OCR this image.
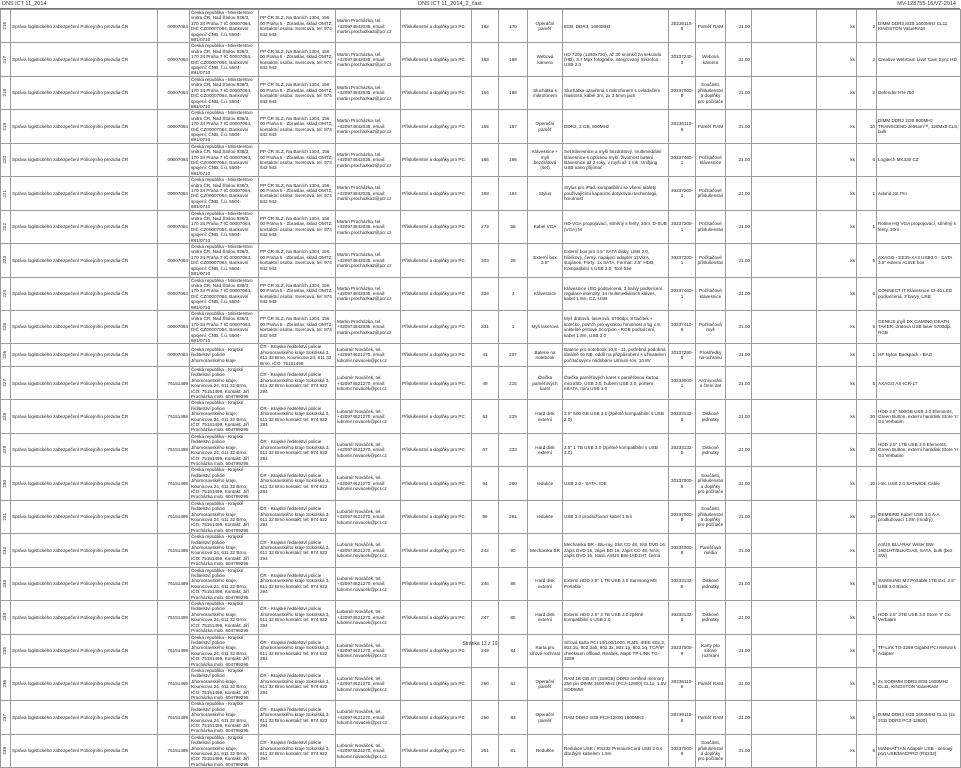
DNS ICT 11_2014	DNS ICT 11_2014_2_část	MV-128755-16/VZ-2014
216	Správa logistického zabezpečení Policejního prezidia ČR	00007064	Česká republika - Ministerstvo vnitra ČR, Nad Štolou 936/3, 170 34 Praha 7 IČ 00007064, DIČ CZ00007064, Bankovní spojení: ČNB, č.ú. 5504-881/0710	PP ČR SLZ, Na Baních 1304, 156 00 Praha 5 - Zbraslav, sklad OMTZ, kontaktní osoba: Svercová, tel: 974 842 943	Martin Procházka, tel. +420974842035, email: martin.prochazka2@pcr.cz	Příslušenství a doplňky pro PC	162	170	Operační paměť	8GB, DDR3, 1600MHz	30236110-6	Paměť RAM	21.00		ks	2	DIMM DDR3 8GB 1600MHz CL11 KINGSTON ValueRAM

217	Správa logistického zabezpečení Policejního prezidia ČR	00007064	Česká republika - Ministerstvo vnitra ČR, Nad Štolou 936/3, 170 34 Praha 7 IČ 00007064, DIČ CZ00007064, Bankovní spojení: ČNB, č.ú. 5504-881/0710	PP ČR SLZ, Na Baních 1304, 156 00 Praha 5 - Zbraslav, sklad OMTZ, kontaktní osoba: Svercová, tel: 974 842 943	Martin Procházka, tel. +420974842035, email: martin.prochazka2@pcr.cz	Příslušenství a doplňky pro PC	163	169	Webová kamera	HD 720p (1280x720), až 30 snímků za sekundu (HD), 3.7 Mpx fotografie, integrovaný mikrofon, USB 2.0	30237240-3	Webová kamera	21.00		ks	2	Creative WebCam Live! Cam Sync HD

218	Správa logistického zabezpečení Policejního prezidia ČR	00007064	Česká republika - Ministerstvo vnitra ČR, Nad Štolou 936/3, 170 34 Praha 7 IČ 00007064, DIČ CZ00007064, Bankovní spojení: ČNB, č.ú. 5504-881/0710	PP ČR SLZ, Na Baních 1304, 156 00 Praha 5 - Zbraslav, sklad OMTZ, kontaktní osoba: Svercová, tel: 974 842 943	Martin Procházka, tel. +420974842035, email: martin.prochazka2@pcr.cz	Příslušenství a doplňky pro PC	164	168	Sluchátka s mikrofonem	Sluchátka uzavřená s mikrofonem s ovladačem hlasitosti, kabel 3m, 2x 3.5mm jack	30237000-9	Součásti, příslušenství a doplňky pro počítače	21.00		ks	2	Defender HN-750

219	Správa logistického zabezpečení Policejního prezidia ČR	00007064	Česká republika - Ministerstvo vnitra ČR, Nad Štolou 936/3, 170 34 Praha 7 IČ 00007064, DIČ CZ00007064, Bankovní spojení: ČNB, č.ú. 5504-881/0710	PP ČR SLZ, Na Baních 1304, 156 00 Praha 5 - Zbraslav, sklad OMTZ, kontaktní osoba: Svercová, tel: 974 842 943	Martin Procházka, tel. +420974842035, email: martin.prochazka2@pcr.cz	Příslušenství a doplňky pro PC	165	167	Operační paměť	DDR2, 2 GB, 800MHz	30236110-6	Paměť RAM	21.00		ks	10	DIMM DDR2 2GB 800MHz TRANSCEND JetRam™, 128Mx8 CL6, bulk

220	Správa logistického zabezpečení Policejního prezidia ČR	00007064	Česká republika - Ministerstvo vnitra ČR, Nad Štolou 936/3, 170 34 Praha 7 IČ 00007064, DIČ CZ00007064, Bankovní spojení: ČNB, č.ú. 5504-881/0710	PP ČR SLZ, Na Baních 1304, 156 00 Praha 5 - Zbraslav, sklad OMTZ, kontaktní osoba: Svercová, tel: 974 842 943	Martin Procházka, tel. +420974842035, email: martin.prochazka2@pcr.cz	Příslušenství a doplňky pro PC	166	166	Klávesnice + myš bezdrátová (set)	Set klávesnice a myši bezdrátový, multimediální klávesnice s optickou myší, životnost baterií klávesnice až 2 roky, v myši až 1 rok, Unifying USB nano přijímač	30237460-1	Počítačové klávesnice	21.00		ks	6	Logitech MK330 CZ

221	Správa logistického zabezpečení Policejního prezidia ČR	00007064	Česká republika - Ministerstvo vnitra ČR, Nad Štolou 936/3, 170 34 Praha 7 IČ 00007064, DIČ CZ00007064, Bankovní spojení: ČNB, č.ú. 5504-881/0710	PP ČR SLZ, Na Baních 1304, 156 00 Praha 5 - Zbraslav, sklad OMTZ, kontaktní osoba: Svercová, tel: 974 842 943	Martin Procházka, tel. +420974842035, email: martin.prochazka2@pcr.cz	Příslušenství a doplňky pro PC	168	164	Stylus	Stylus pro iPad, kompatibilní se všemi tablety používajícími kapacitní dotykovou technologii, hmotnost	30237200-1	Počítačové příslušenství	21.00		ks	1	Adonit Jot Pro

222	Správa logistického zabezpečení Policejního prezidia ČR	00007064	Česká republika - Ministerstvo vnitra ČR, Nad Štolou 936/3, 170 34 Praha 7 IČ 00007064, DIČ CZ00007064, Bankovní spojení: ČNB, č.ú. 5504-881/0710	PP ČR SLZ, Na Baních 1304, 156 00 Praha 5 - Zbraslav, sklad OMTZ, kontaktní osoba: Svercová, tel: 974 842 943	Martin Procházka, tel. +420974842035, email: martin.prochazka2@pcr.cz	Příslušenství a doplňky pro PC	273	59	Kabel VGA	HD-VGA propojovací, stíněný s ferity, 20m, D-SUB (VGA) M	30237200-1	Počítačové příslušenství	21.00		ks	1	Roline HQ VGA propojovací, stíněný s ferity, 20m

223	Správa logistického zabezpečení Policejního prezidia ČR	00007064	Česká republika - Ministerstvo vnitra ČR, Nad Štolou 936/3, 170 34 Praha 7 IČ 00007064, DIČ CZ00007064, Bankovní spojení: ČNB, č.ú. 5504-881/0710	PP ČR SLZ, Na Baních 1304, 156 00 Praha 5 - Zbraslav, sklad OMTZ, kontaktní osoba: Svercová, tel: 974 842 943	Martin Procházka, tel. +420974842035, email: martin.prochazka2@pcr.cz	Příslušenství a doplňky pro PC	303	29	Externí box 3.5"	Externí box pro 3.5" SATA disky, USB 3.0, hliníkový, černý, napájecí adaptér 12V/2A, stojánek, Porty: 1x SATA, Formát: 3.5" HDD, Kompatibilní s USB 2.0, Tool-free	30237200-1	Počítačové příslušenství	21.00		ks	5	AXAGO - EE35-XA3 USB3.0 - SATA 3.5" externí ALINE box

224	Správa logistického zabezpečení Policejního prezidia ČR	00007064	Česká republika - Ministerstvo vnitra ČR, Nad Štolou 936/3, 170 34 Praha 7 IČ 00007064, DIČ CZ00007064, Bankovní spojení: ČNB, č.ú. 5504-881/0710	PP ČR SLZ, Na Baních 1304, 156 00 Praha 5 - Zbraslav, sklad OMTZ, kontaktní osoba: Svercová, tel: 974 842 943	Martin Procházka, tel. +420974842035, email: martin.prochazka2@pcr.cz	Příslušenství a doplňky pro PC	328	4	Klávesnice	Klávesnice LED podsvícená, 3 barvy podsvícení, regulace intenzity, 14 multimediálních kláves, kabel 1.5m, CZ, USB	30237460-1	Počítačové klávesnice	21.00		ks	5	CONNECT IT Klávesnice CI-46 LED podsvícená, 3 barvy, USB

225	Správa logistického zabezpečení Policejního prezidia ČR	00007064	Česká republika - Ministerstvo vnitra ČR, Nad Štolou 936/3, 170 34 Praha 7 IČ 00007064, DIČ CZ00007064, Bankovní spojení: ČNB, č.ú. 5504-881/0710	PP ČR SLZ, Na Baních 1304, 156 00 Praha 5 - Zbraslav, sklad OMTZ, kontaktní osoba: Svercová, tel: 974 842 943	Martin Procházka, tel. +420974842035, email: martin.prochazka2@pcr.cz	Příslušenství a doplňky pro PC	331	1	Myš laserová	Myš drátová, laserová, 5700dpi, 8 tlačítek + kolečko, povrch pro vysokou hmotnost a 5g x 8, volitelné prstové Scorpion - RGB podsvícení, kabel 1.8m, USB 2.0	30237410-6	Počítačová myš	21.00		ks	5	GENIUS myš DX GAMING DEATH TAKER, drátová USB laser 5700dpi, RGB

226	Správa logistického zabezpečení Policejního prezidia ČR	00007064	Česká republika - Krajské ředitelství policie Jihomoravského kraje	ČR - Krajské ředitelství policie Jihomoravského kraje Sokolská 3, 611 32 Brno, Kounicova 24, 611 32 Brno, IČO: 75151499	Lubomír Nováček, tel. +420974621270, email: lubomir.novacek@pcr.cz	Příslušenství a doplňky pro PC	41	207	Baterie na notebook	Baterie pro notebook 10,8 - 11, potřebná podobná ideálně se NB, oddíl na přizpůsobení s uživatelem počítačovými nádobami Lithium-Ion, 10.8V	30237290-5	Prostředky na ochranu	21.00		ks	1	HP Nylon Backpack - BAG

227	Správa logistického zabezpečení Policejního prezidia ČR	75151499	Česká republika - Krajské ředitelství policie Jihomoravského kraje, Kounicova 24, 611 32 Brno, IČO: 75151499, Kontakt: Jiří Procházka mob. 604799295	ČR - Krajské ředitelství policie Jihomoravského kraje Sokolská 3, 611 32 Brno kontakt: tel: 974 622 294	Lubomír Nováček, tel. +420974621270, email: lubomir.novacek@pcr.cz	Příslušenství a doplňky pro PC	49	215	Čtečka paměťových karet	Čtečka paměťových karet s paměťovou kartou microSD, USB 3.0, hubem USB 2.0, portem eSATA, mini USB 3.0	30233000-1	Archivování a čtení dat	21.00		ks	5	AXAGO AX-ICR-17

228	Správa logistického zabezpečení Policejního prezidia ČR	75151499	Česká republika - Krajské ředitelství policie Jihomoravského kraje, Kounicova 24, 611 32 Brno, IČO: 75151499, Kontakt: Jiří Procházka mob. 604799295	ČR - Krajské ředitelství policie Jihomoravského kraje Sokolská 3, 611 32 Brno kontakt: tel: 974 622 294	Lubomír Nováček, tel. +420974621270, email: lubomir.novacek@pcr.cz	Příslušenství a doplňky pro PC	63	229	Hard disk externí	2.5" 500 GB USB 3.0 (zpětně kompatibilní s USB 2.0)	30233132-5	Diskové jednotky	21.00		ks	20	HDD 2.5" 500GB USB 3.0 Elements, Green Button, externí harddisk Store 'n' Go Verbatim

229	Správa logistického zabezpečení Policejního prezidia ČR	75151499	Česká republika - Krajské ředitelství policie Jihomoravského kraje, Kounicova 24, 611 32 Brno, IČO: 75151499, Kontakt: Jiří Procházka mob. 604799295	ČR - Krajské ředitelství policie Jihomoravského kraje Sokolská 3, 611 32 Brno kontakt: tel: 974 622 294	Lubomír Nováček, tel. +420974621270, email: lubomir.novacek@pcr.cz	Příslušenství a doplňky pro PC	67	233	Hard disk externí	2.5" 1 TB USB 3.0 (zpětně kompatibilní s USB 2.0)	30233132-5	Diskové jednotky	21.00		ks	20	HDD 2.5" 1TB USB 3.0 Elements, Green Button, externí harddisk Store 'n' Go Verbatim

230	Správa logistického zabezpečení Policejního prezidia ČR	75151499	Česká republika - Krajské ředitelství policie Jihomoravského kraje, Kounicova 24, 611 32 Brno, IČO: 75151499, Kontakt: Jiří Procházka mob. 604799295	ČR - Krajské ředitelství policie Jihomoravského kraje Sokolská 3, 611 32 Brno kontakt: tel: 974 622 294	Lubomír Nováček, tel. +420974621270, email: lubomir.novacek@pcr.cz	Příslušenství a doplňky pro PC	94	260	redukce	USB 2.0 - SATA, IDE	30237000-9	Součásti, příslušenství a doplňky pro počítače	21.00		ks	10	i-tec USB 2.0 SATA/IDE Cable

231	Správa logistického zabezpečení Policejního prezidia ČR	75151499	Česká republika - Krajské ředitelství policie Jihomoravského kraje, Kounicova 24, 611 32 Brno, IČO: 75151499, Kontakt: Jiří Procházka mob. 604799295	ČR - Krajské ředitelství policie Jihomoravského kraje Sokolská 3, 611 32 Brno kontakt: tel: 974 622 294	Lubomír Nováček, tel. +420974621270, email: lubomir.novacek@pcr.cz	Příslušenství a doplňky pro PC	95	261	redukce	USB 3.0 prodlužovací kabel 1.5m	30237000-9	Součásti, příslušenství a doplňky pro počítače	21.00		ks	10	GEMBIRD Kabel USB 3.0 A-A prodlužovací 1.8m (modrý)

232	Správa logistického zabezpečení Policejního prezidia ČR	75151499	Česká republika - Krajské ředitelství policie Jihomoravského kraje, Kounicova 24, 611 32 Brno, IČO: 75151499, Kontakt: Jiří Procházka mob. 604799295	ČR - Krajské ředitelství policie Jihomoravského kraje Sokolská 3, 611 32 Brno kontakt: tel: 974 622 294	Lubomír Nováček, tel. +420974621270, email: lubomir.novacek@pcr.cz	Příslušenství a doplňky pro PC	242	90	Mechanika BR	Mechanika BR - Blu-ray, Slot CD 48, Slot DVD 16, zápis DVD 16, zápis BD 16, zápis CD 48, NAS, zápis DVD 16, Hard, ASUS BW-16D1HT, černá	30234000-8	Paměťová média	21.00		ks	1	ASUS BLU-RAY Writer BW-16D1HT/BLK/G/AS, SATA, bulk (bez SW)

233	Správa logistického zabezpečení Policejního prezidia ČR	75151499	Česká republika - Krajské ředitelství policie Jihomoravského kraje, Kounicova 24, 611 32 Brno, IČO: 75151499, Kontakt: Jiří Procházka mob. 604799295	ČR - Krajské ředitelství policie Jihomoravského kraje Sokolská 3, 611 32 Brno kontakt: tel: 974 622 294	Lubomír Nováček, tel. +420974621270, email: lubomir.novacek@pcr.cz	Příslušenství a doplňky pro PC	246	86	Hard disk externí	Externí HDD 2.5" 1 TB USB 3.0 Samsung M3 Portable	30233132-5	Diskové jednotky	21.00		ks	5	SAMSUNG M3 Portable 1TB Ext. 2.5" USB 3.0 Black

234	Správa logistického zabezpečení Policejního prezidia ČR	75151499	Česká republika - Krajské ředitelství policie Jihomoravského kraje, Kounicova 24, 611 32 Brno, IČO: 75151499, Kontakt: Jiří Procházka mob. 604799295	ČR - Krajské ředitelství policie Jihomoravského kraje Sokolská 3, 611 32 Brno kontakt: tel: 974 622 294	Lubomír Nováček, tel. +420974621270, email: lubomir.novacek@pcr.cz	Příslušenství a doplňky pro PC	247	85	Hard disk externí	Externí HDD 2.5" 2 TB USB 3.0 zpětně kompatibilní s USB 2.0	30233132-5	Diskové jednotky	21.00		ks	5	HDD 2.5" 2TB USB 3.0 Store 'n' Go Verbatim

235	Správa logistického zabezpečení Policejního prezidia ČR	75151499	Česká republika - Krajské ředitelství policie Jihomoravského kraje, Kounicova 24, 611 32 Brno, IČO: 75151499, Kontakt: Jiří Procházka mob. 604799295	ČR - Krajské ředitelství policie Jihomoravského kraje Sokolská 3, 611 32 Brno kontakt: tel: 974 622 294	Lubomír Nováček, tel. +420974621270, email: lubomir.novacek@pcr.cz	Příslušenství a doplňky pro PC	249	84	Karta pro síťové rozhraní	Síťová karta PCI 10/100/1000, RJ45, IEEE 802.3, 802.3u, 802.3ab, 802.3x, 802.1p, 802.1q, TCP/IP checksum offload, Realtek, Napt: TP-LINK TG-3269	30237000-9	Karty pro síťové rozhraní	21.00		ks	5	TP-Link TG-3269 Gigabit PCI Network Adapter

236	Správa logistického zabezpečení Policejního prezidia ČR	75151499	Česká republika - Krajské ředitelství policie Jihomoravského kraje, Kounicova 24, 611 32 Brno, IČO: 75151499, Kontakt: Jiří Procházka mob. 604799295	ČR - Krajské ředitelství policie Jihomoravského kraje Sokolská 3, 611 32 Brno kontakt: tel: 974 622 294	Lubomír Nováček, tel. +420974621270, email: lubomir.novacek@pcr.cz	Příslušenství a doplňky pro PC	250	82	Operační paměť	RAM 1B GB 4/7 (2x8GB) DDR3 certified memory 256 pin DIMM 1600 MHz (PC3-12800) CL11, 1.5V SODIMM	30236110-6	Paměť RAM	21.00		ks	5	2x SODIMM DDR3 8GB 1600MHz CL11, KINGSTON ValueRAM

237	Správa logistického zabezpečení Policejního prezidia ČR	75151499	Česká republika - Krajské ředitelství policie Jihomoravského kraje, Kounicova 24, 611 32 Brno, IČO: 75151499, Kontakt: Jiří Procházka mob. 604799295	ČR - Krajské ředitelství policie Jihomoravského kraje Sokolská 3, 611 32 Brno kontakt: tel: 974 622 294	Lubomír Nováček, tel. +420974621270, email: lubomír.novacek@pcr.cz	Příslušenství a doplňky pro PC	250	83	Operační paměť	RAM DDR3 4GB PC3-12800 1600MHz	30236110-6	Paměť RAM	21.00		ks	5	DIMM DDR3 4GB 1600MHz CL11 (2x 2GB DDR3 PC3-12800)

238	Správa logistického zabezpečení Policejního prezidia ČR	75151499	Česká republika - Krajské ředitelství policie Jihomoravského kraje, Kounicova 24, 611 32 Brno, IČO: 75151499, Kontakt: Jiří Procházka mob. 604799295	ČR - Krajské ředitelství policie Jihomoravského kraje Sokolská 3, 611 32 Brno kontakt: tel: 974 622 294	Lubomír Nováček, tel. +420974621270, email: lubomir.novacek@pcr.cz	Příslušenství a doplňky pro PC	251	81	Redukce	Redukce USB / RS232 PremiumCord USB 2.0 s dlouhým kabelem 1.5m	30237000-9	Součásti, příslušenství a doplňky pro počítače	21.00		ks	5	MANHATTAN Adaptér USB - sériový port USB/MACPRO (RS232)
Stránka 13 z 19
